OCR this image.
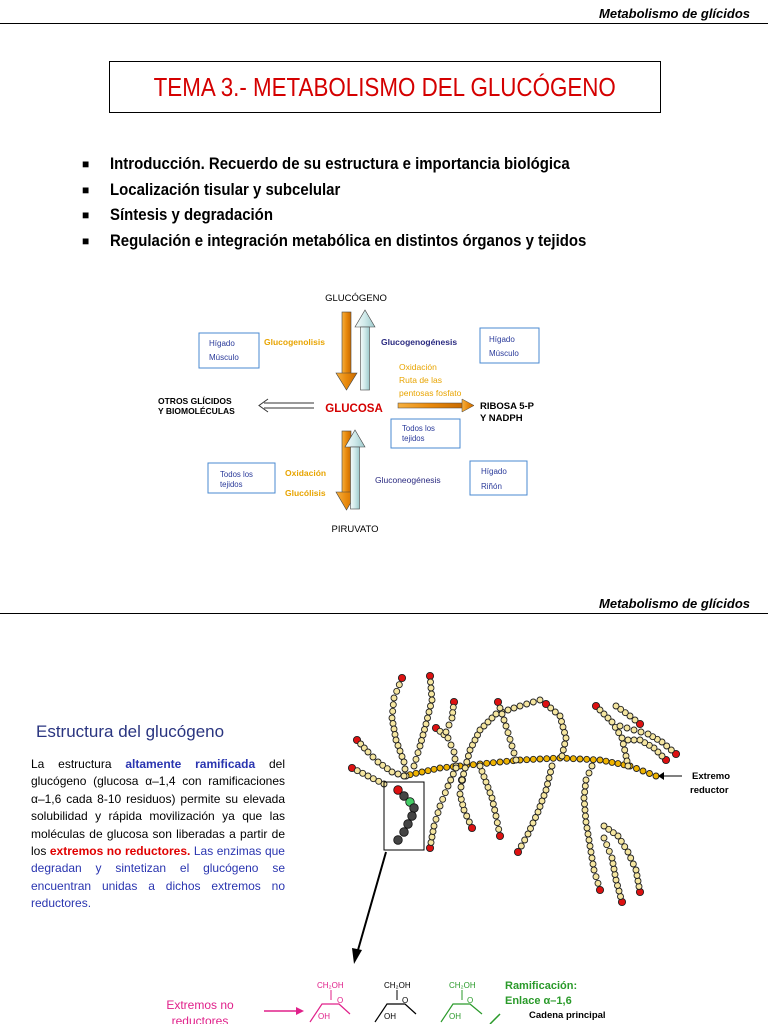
Metabolismo de glícidos
TEMA 3.- METABOLISMO DEL GLUCÓGENO
■ Introducción. Recuerdo de su estructura e importancia biológica
■ Localización tisular y subcelular
■ Síntesis y degradación
■ Regulación e integración metabólica en distintos órganos y tejidos
GLUCÓGENO
GLUCOSA
PIRUVATO
OTROS GLÍCIDOS
Y BIOMOLÉCULAS	RIBOSA 5-P
Y NADPH
Glucogenolisis	Glucogenogénesis
Oxidación
Ruta de las
pentosas fosfato
Oxidación
Glucólisis
Gluconeogénesis
Hígado
Músculo
Hígado
Músculo
Todos los
tejidos
Todos los
tejidos
Hígado
Riñón
Metabolismo de glícidos
Estructura del glucógeno
La estructura altamente ramificada del glucógeno (glucosa α–1,4 con ramificaciones α–1,6 cada 8-10 residuos) permite su elevada solubilidad y rápida movilización ya que las moléculas de glucosa son liberadas a partir de los extremos no reductores. Las enzimas que degradan y sintetizan el glucógeno se encuentran unidas a dichos extremos no reductores.
Extremo
reductor
Extremos no
reductores
CH₂OH
O
OH
CH₂OH
O
OH
CH₂OH
O
OH
Ramificación:
Enlace α–1,6
Cadena principal
